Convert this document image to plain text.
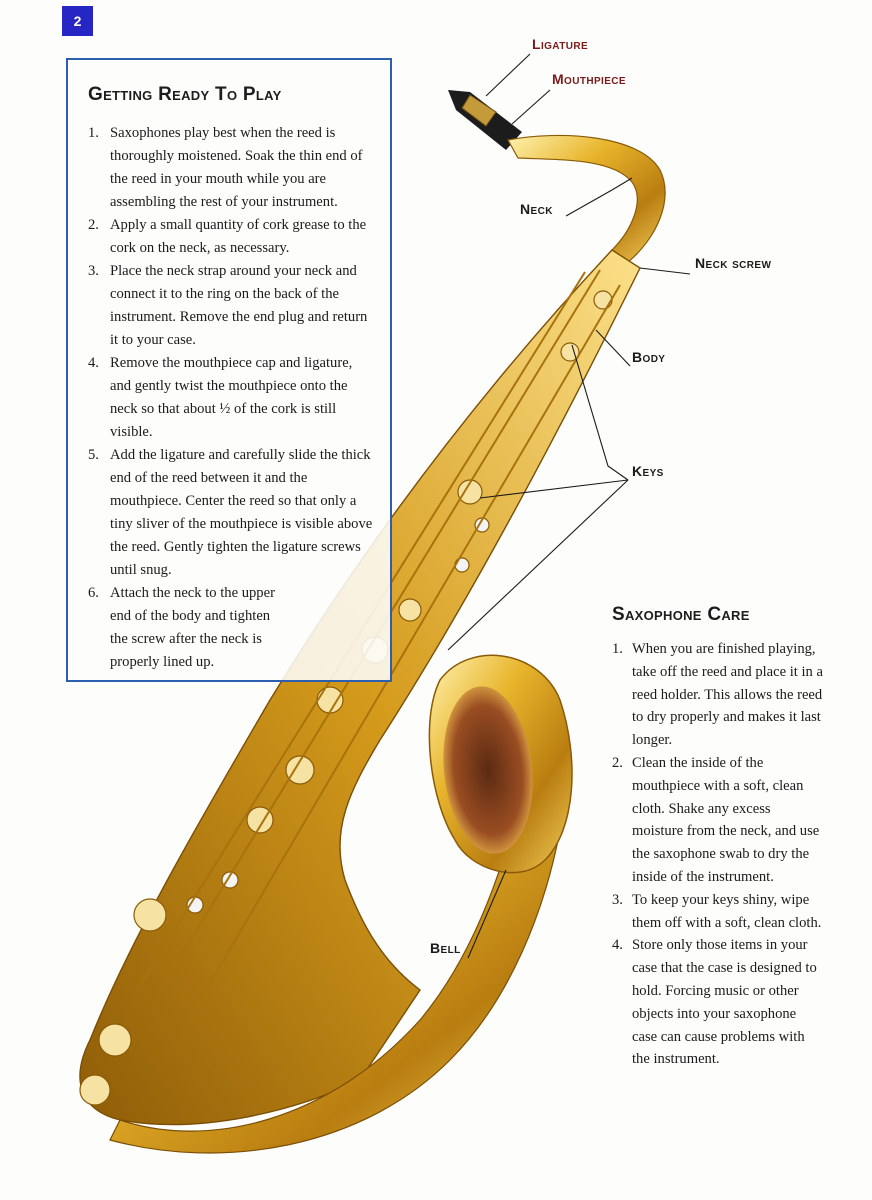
2
Ligature
Mouthpiece
Neck
Neck screw
Body
Keys
Bell
Getting Ready To Play
1. Saxophones play best when the reed is thoroughly moistened. Soak the thin end of the reed in your mouth while you are assembling the rest of your instrument.
2. Apply a small quantity of cork grease to the cork on the neck, as necessary.
3. Place the neck strap around your neck and connect it to the ring on the back of the instrument. Remove the end plug and return it to your case.
4. Remove the mouthpiece cap and ligature, and gently twist the mouthpiece onto the neck so that about ½ of the cork is still visible.
5. Add the ligature and carefully slide the thick end of the reed between it and the mouthpiece. Center the reed so that only a tiny sliver of the mouthpiece is visible above the reed. Gently tighten the ligature screws until snug.
6. Attach the neck to the upper end of the body and tighten the screw after the neck is properly lined up.
Saxophone Care
1. When you are finished playing, take off the reed and place it in a reed holder. This allows the reed to dry properly and makes it last longer.
2. Clean the inside of the mouthpiece with a soft, clean cloth. Shake any excess moisture from the neck, and use the saxophone swab to dry the inside of the instrument.
3. To keep your keys shiny, wipe them off with a soft, clean cloth.
4. Store only those items in your case that the case is designed to hold. Forcing music or other objects into your saxophone case can cause problems with the instrument.
